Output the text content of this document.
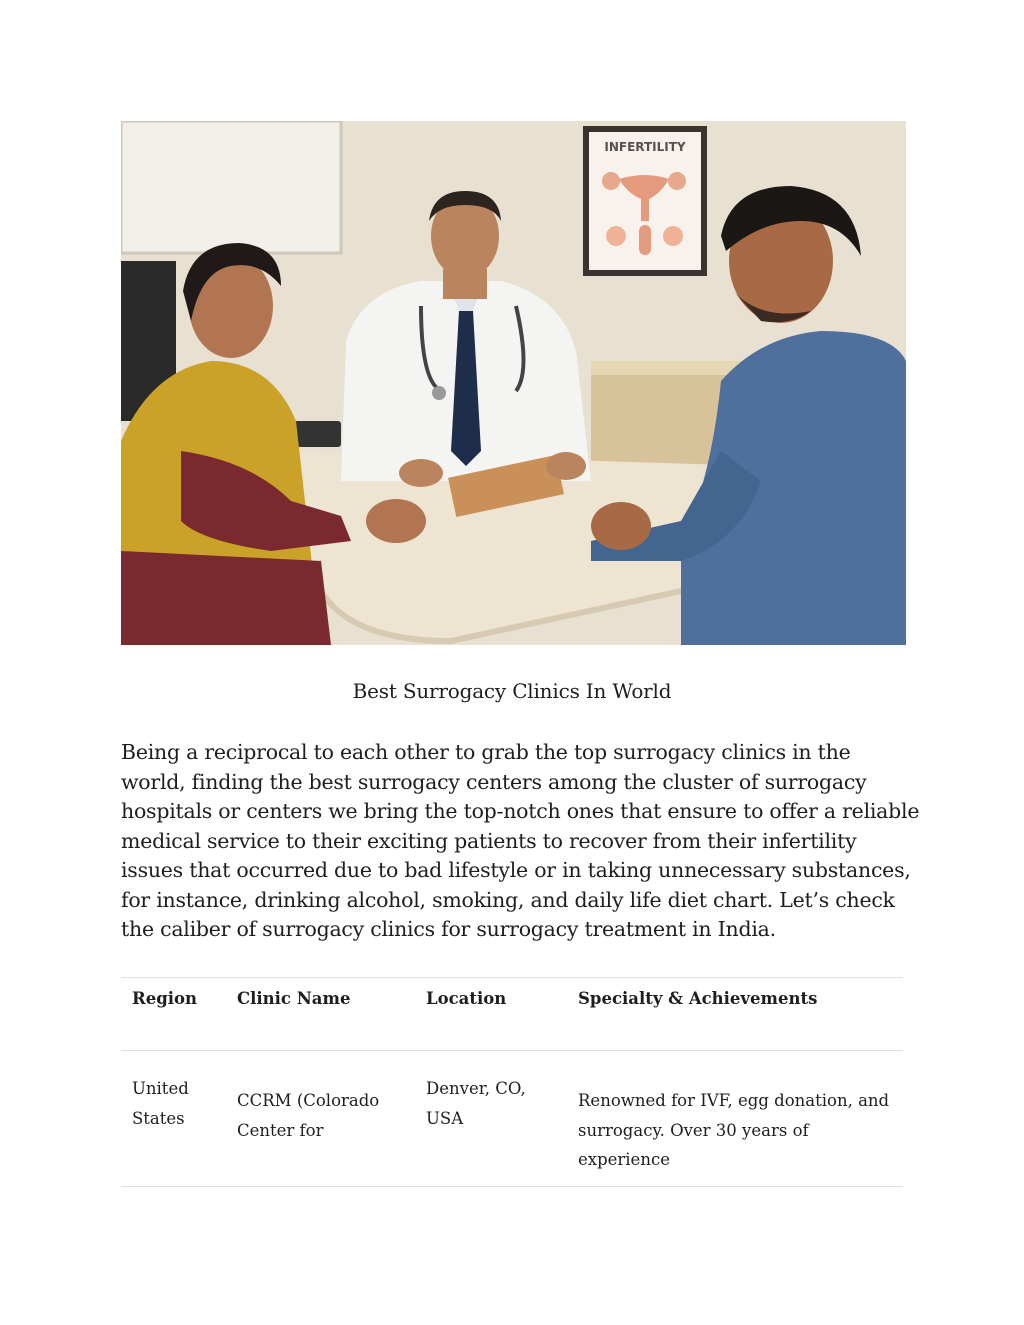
INFERTILITY
Best Surrogacy Clinics In World

Being a reciprocal to each other to grab the top surrogacy clinics in the world, finding the best surrogacy centers among the cluster of surrogacy hospitals or centers we bring the top-notch ones that ensure to offer a reliable medical service to their exciting patients to recover from their infertility issues that occurred due to bad lifestyle or in taking unnecessary substances, for instance, drinking alcohol, smoking, and daily life diet chart. Let’s check the caliber of surrogacy clinics for surrogacy treatment in India.

Region Clinic Name	Location	Specialty & Achievements
United States
CCRM (Colorado Center for
Denver, CO, USA
Renowned for IVF, egg donation, and surrogacy. Over 30 years of experience
